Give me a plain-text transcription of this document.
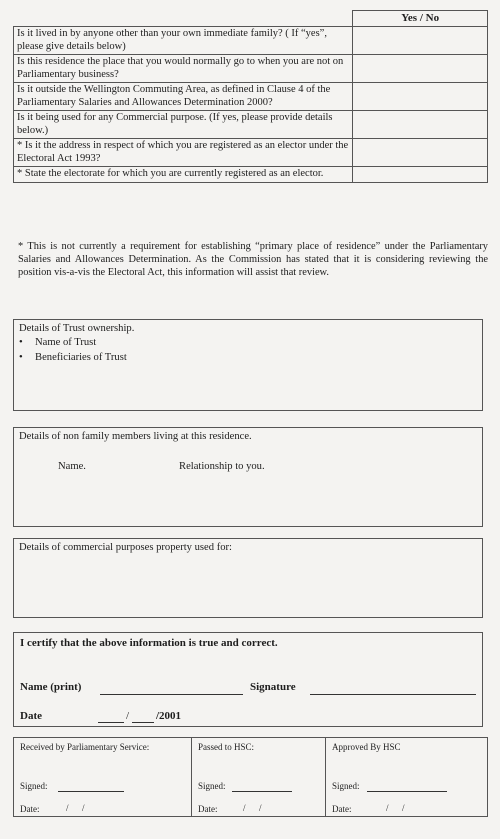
	Yes / No
Is it lived in by anyone other than your own immediate family? ( If “yes”, please give details below)	
Is this residence the place that you would normally go to when you are not on Parliamentary business?	
Is it outside the Wellington Commuting Area, as defined in Clause 4 of the Parliamentary Salaries and Allowances Determination 2000?	
Is it being used for any Commercial purpose. (If yes, please provide details below.)	
* Is it the address in respect of which you are registered as an elector under the Electoral Act 1993?	
* State the electorate for which you are currently registered as an elector.	
* This is not currently a requirement for establishing “primary place of residence” under the Parliamentary Salaries and Allowances Determination. As the Commission has stated that it is considering reviewing the position vis-a-vis the Electoral Act, this information will assist that review.
Details of Trust ownership.
•	Name of Trust
•	Beneficiaries of Trust
Details of non family members living at this residence.
Name.	Relationship to you.
Details of commercial purposes property used for:
I certify that the above information is true and correct.
Name (print)	Signature
Date	/ /2001
Received by Parliamentary Service:
Signed:
Date:	/      /
Passed to HSC:
Signed:
Date:	/      /
Approved By HSC
Signed:
Date:	/      /
